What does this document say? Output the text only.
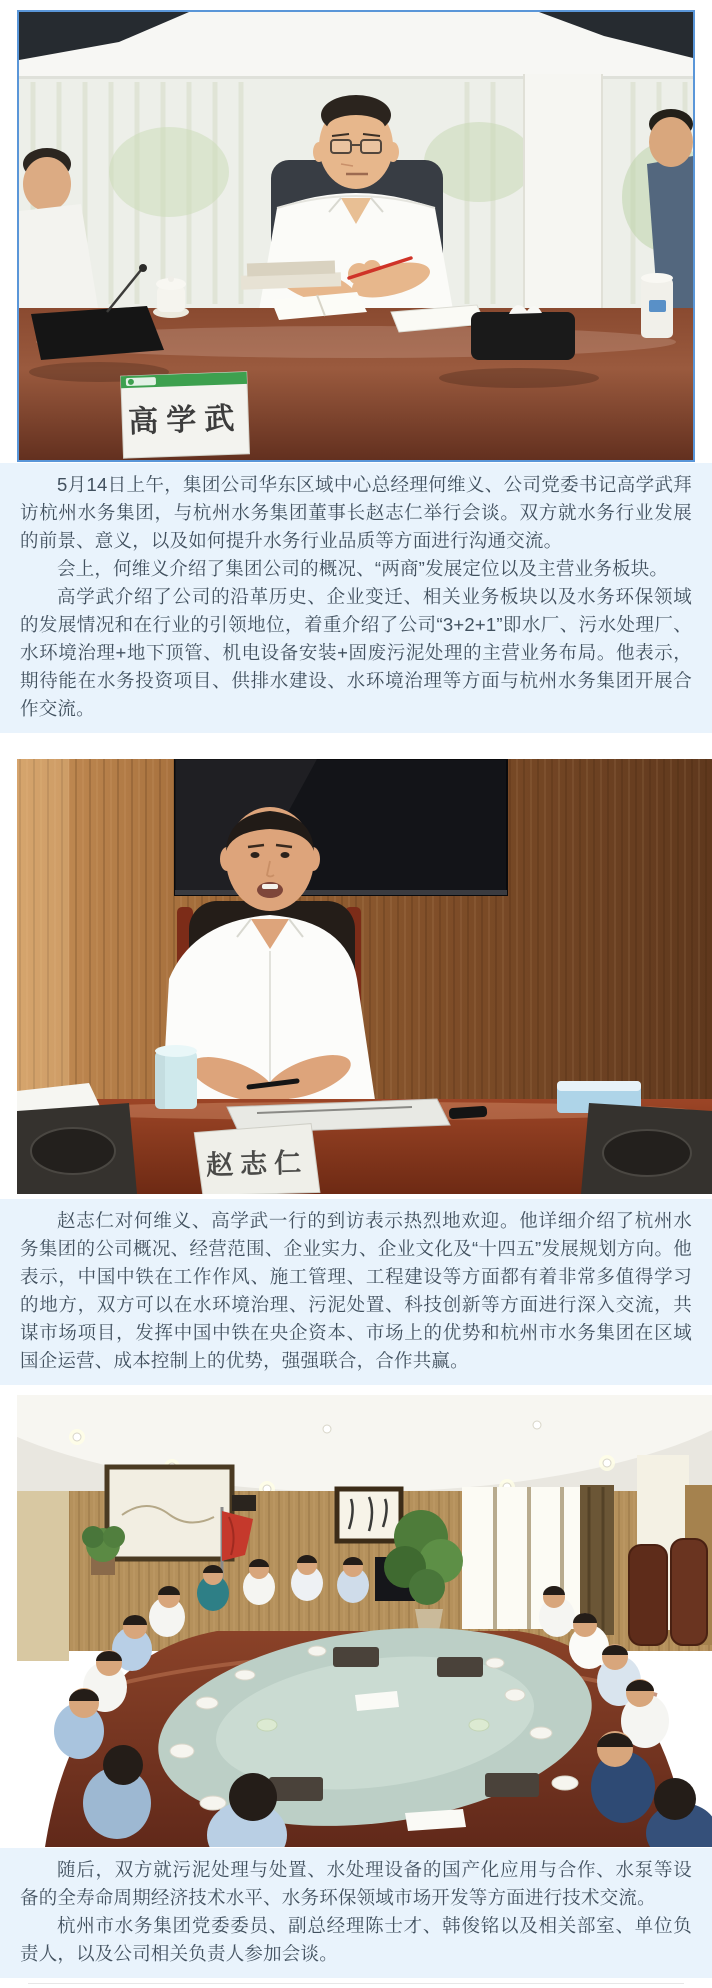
高学武

5月14日上午，集团公司华东区域中心总经理何维义、公司党委书记高学武拜访杭州水务集团，与杭州水务集团董事长赵志仁举行会谈。双方就水务行业发展的前景、意义，以及如何提升水务行业品质等方面进行沟通交流。

会上，何维义介绍了集团公司的概况、“两商”发展定位以及主营业务板块。

高学武介绍了公司的沿革历史、企业变迁、相关业务板块以及水务环保领域的发展情况和在行业的引领地位，着重介绍了公司“3+2+1”即水厂、污水处理厂、水环境治理+地下顶管、机电设备安装+固废污泥处理的主营业务布局。他表示，期待能在水务投资项目、供排水建设、水环境治理等方面与杭州水务集团开展合作交流。

赵志仁

赵志仁对何维义、高学武一行的到访表示热烈地欢迎。他详细介绍了杭州水务集团的公司概况、经营范围、企业实力、企业文化及“十四五”发展规划方向。他表示，中国中铁在工作作风、施工管理、工程建设等方面都有着非常多值得学习的地方，双方可以在水环境治理、污泥处置、科技创新等方面进行深入交流，共谋市场项目，发挥中国中铁在央企资本、市场上的优势和杭州市水务集团在区域国企运营、成本控制上的优势，强强联合，合作共赢。

随后，双方就污泥处理与处置、水处理设备的国产化应用与合作、水泵等设备的全寿命周期经济技术水平、水务环保领域市场开发等方面进行技术交流。

杭州市水务集团党委委员、副总经理陈士才、韩俊铭以及相关部室、单位负责人，以及公司相关负责人参加会谈。
